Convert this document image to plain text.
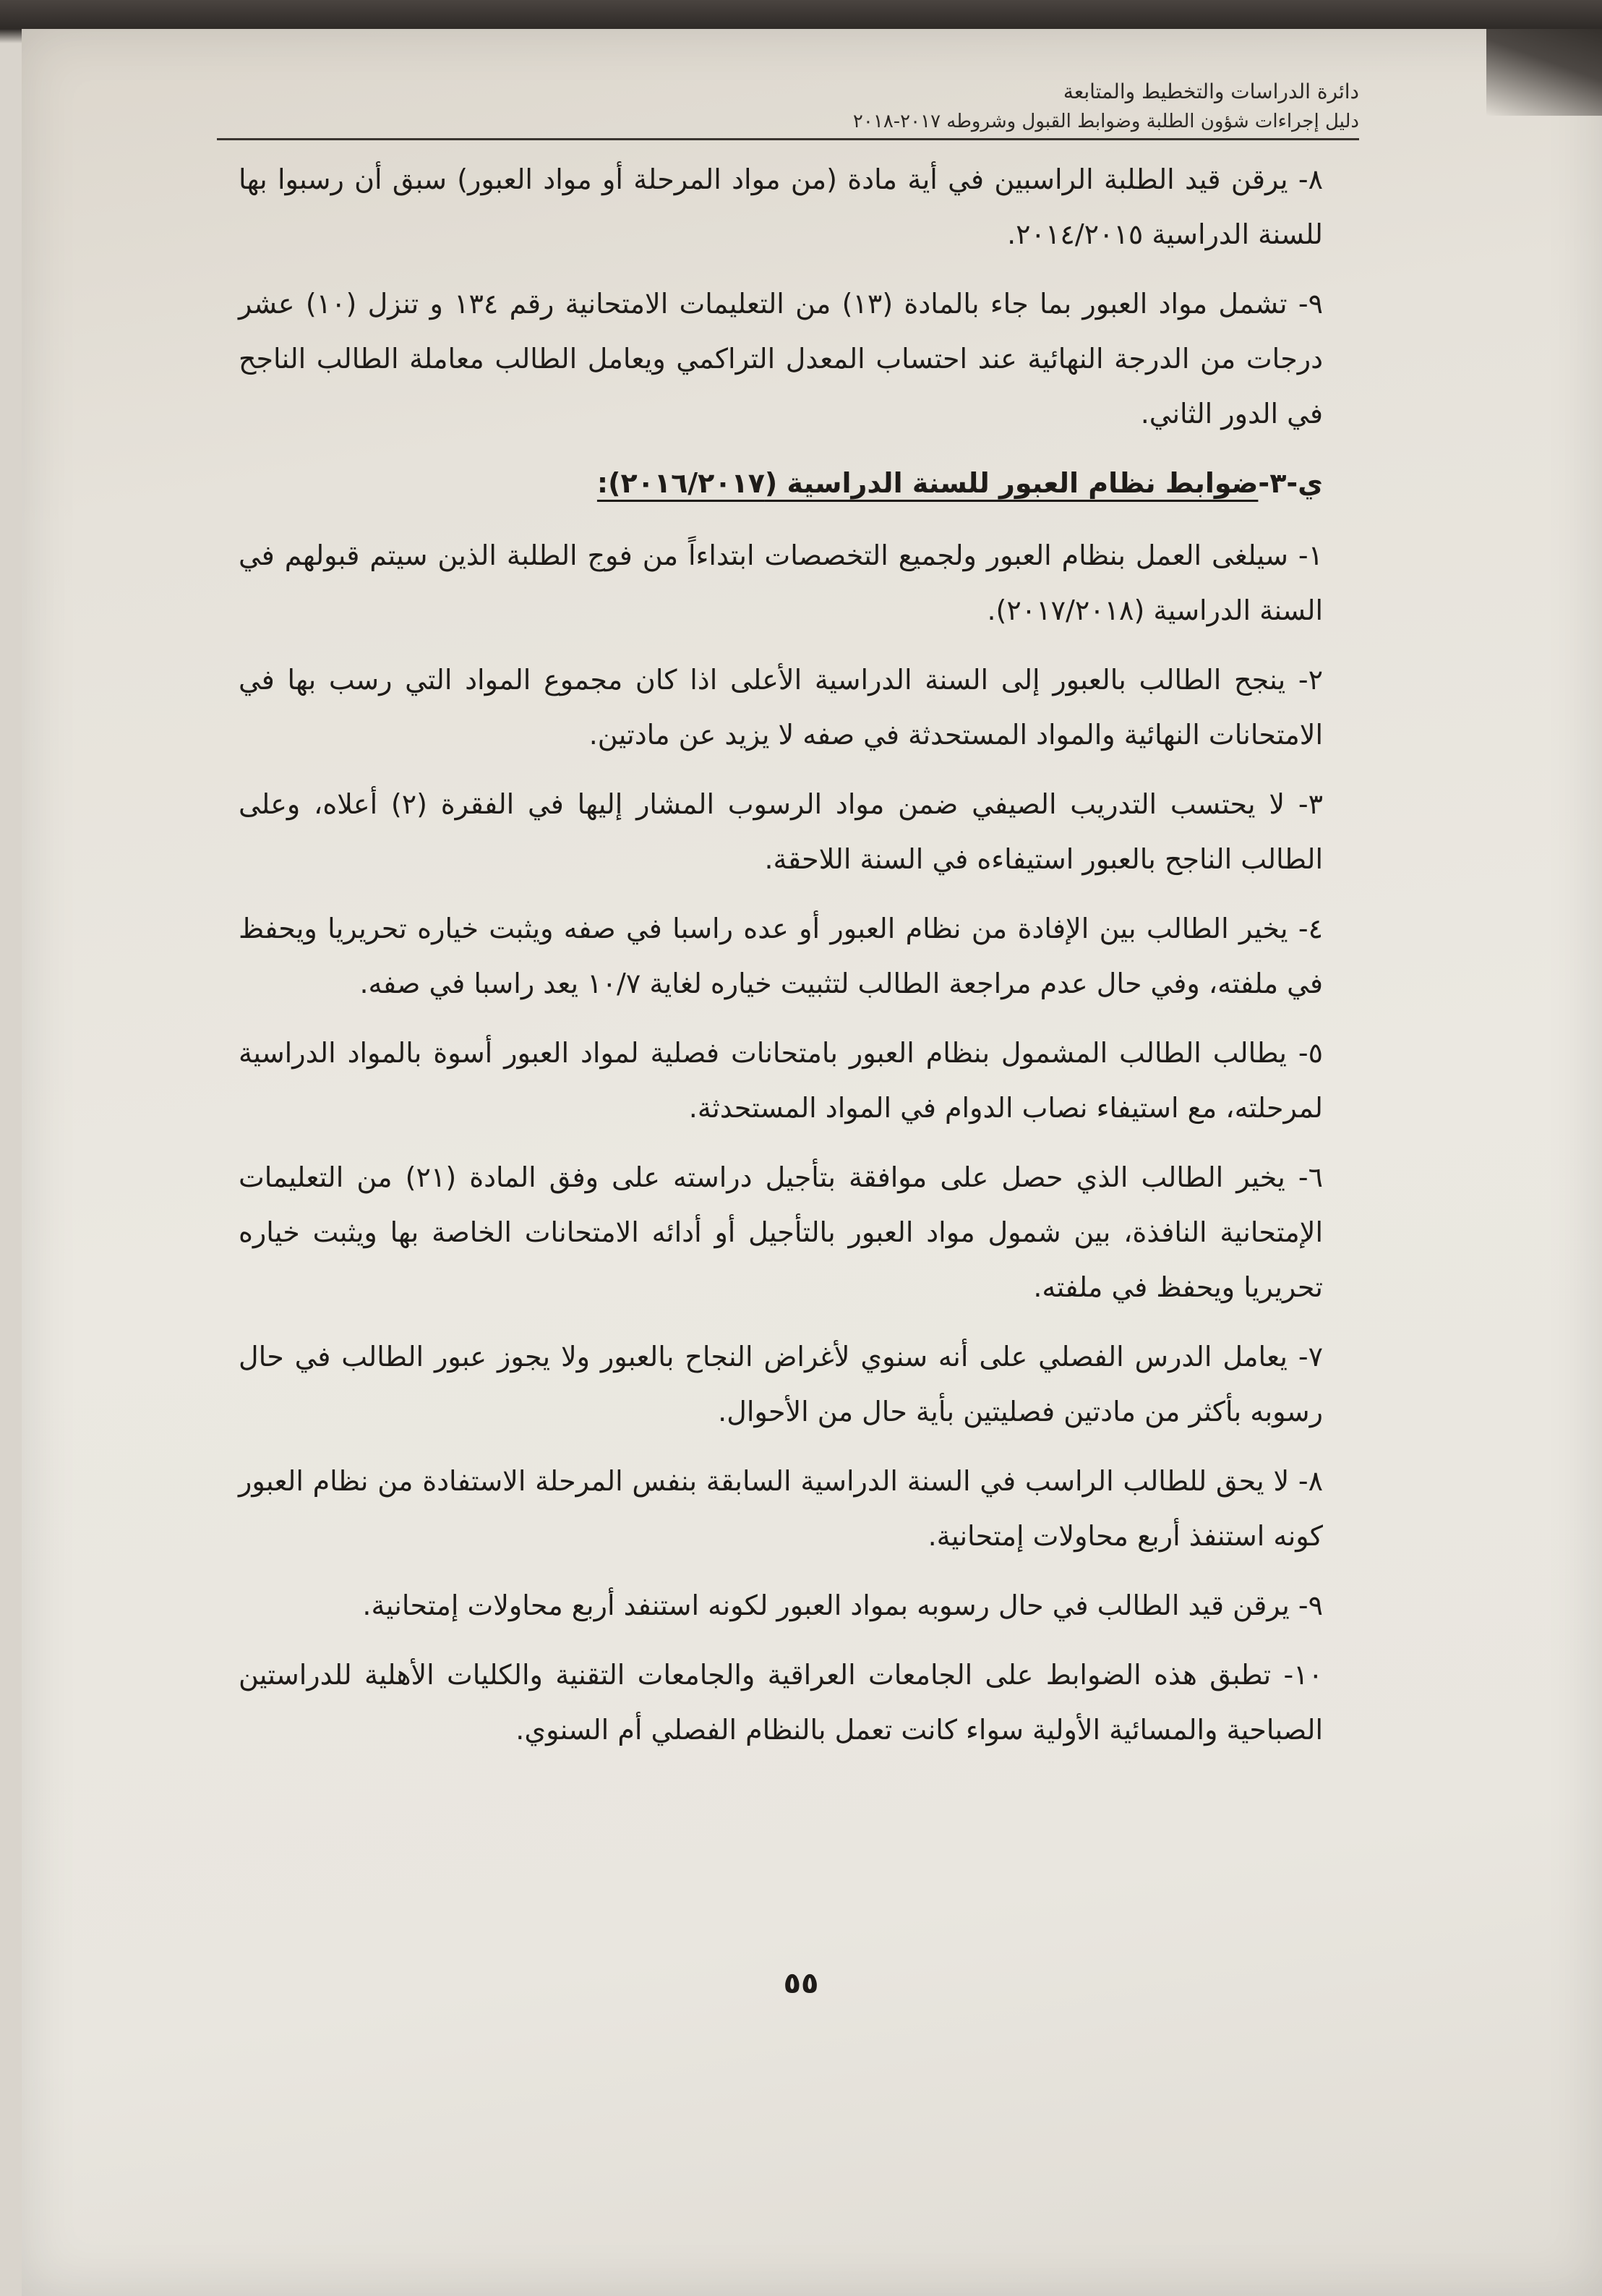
دائرة الدراسات والتخطيط والمتابعة
دليل إجراءات شؤون الطلبة وضوابط القبول وشروطه ٢٠١٧-٢٠١٨

٨- يرقن قيد الطلبة الراسبين في أية مادة (من مواد المرحلة أو مواد العبور) سبق أن رسبوا بها للسنة الدراسية ٢٠١٤/٢٠١٥.

٩- تشمل مواد العبور بما جاء بالمادة (١٣) من التعليمات الامتحانية رقم ١٣٤ و تنزل (١٠) عشر درجات من الدرجة النهائية عند احتساب المعدل التراكمي ويعامل الطالب معاملة الطالب الناجح في الدور الثاني.

ي-٣-ضوابط نظام العبور للسنة الدراسية (٢٠١٦/٢٠١٧):

١- سيلغى العمل بنظام العبور ولجميع التخصصات ابتداءاً من فوج الطلبة الذين سيتم قبولهم في السنة الدراسية (٢٠١٧/٢٠١٨).

٢- ينجح الطالب بالعبور إلى السنة الدراسية الأعلى اذا كان مجموع المواد التي رسب بها في الامتحانات النهائية والمواد المستحدثة في صفه لا يزيد عن مادتين.

٣- لا يحتسب التدريب الصيفي ضمن مواد الرسوب المشار إليها في الفقرة (٢) أعلاه، وعلى الطالب الناجح بالعبور استيفاءه في السنة اللاحقة.

٤- يخير الطالب بين الإفادة من نظام العبور أو عده راسبا في صفه ويثبت خياره تحريريا ويحفظ في ملفته، وفي حال عدم مراجعة الطالب لتثبيت خياره لغاية ١٠/٧ يعد راسبا في صفه.

٥- يطالب الطالب المشمول بنظام العبور بامتحانات فصلية لمواد العبور أسوة بالمواد الدراسية لمرحلته، مع استيفاء نصاب الدوام في المواد المستحدثة.

٦- يخير الطالب الذي حصل على موافقة بتأجيل دراسته على وفق المادة (٢١) من التعليمات الإمتحانية النافذة، بين شمول مواد العبور بالتأجيل أو أدائه الامتحانات الخاصة بها ويثبت خياره تحريريا ويحفظ في ملفته.

٧- يعامل الدرس الفصلي على أنه سنوي لأغراض النجاح بالعبور ولا يجوز عبور الطالب في حال رسوبه بأكثر من مادتين فصليتين بأية حال من الأحوال.

٨- لا يحق للطالب الراسب في السنة الدراسية السابقة بنفس المرحلة الاستفادة من نظام العبور كونه استنفذ أربع محاولات إمتحانية.

٩- يرقن قيد الطالب في حال رسوبه بمواد العبور لكونه استنفد أربع محاولات إمتحانية.

١٠- تطبق هذه الضوابط على الجامعات العراقية والجامعات التقنية والكليات الأهلية للدراستين الصباحية والمسائية الأولية سواء كانت تعمل بالنظام الفصلي أم السنوي.

٥٥
